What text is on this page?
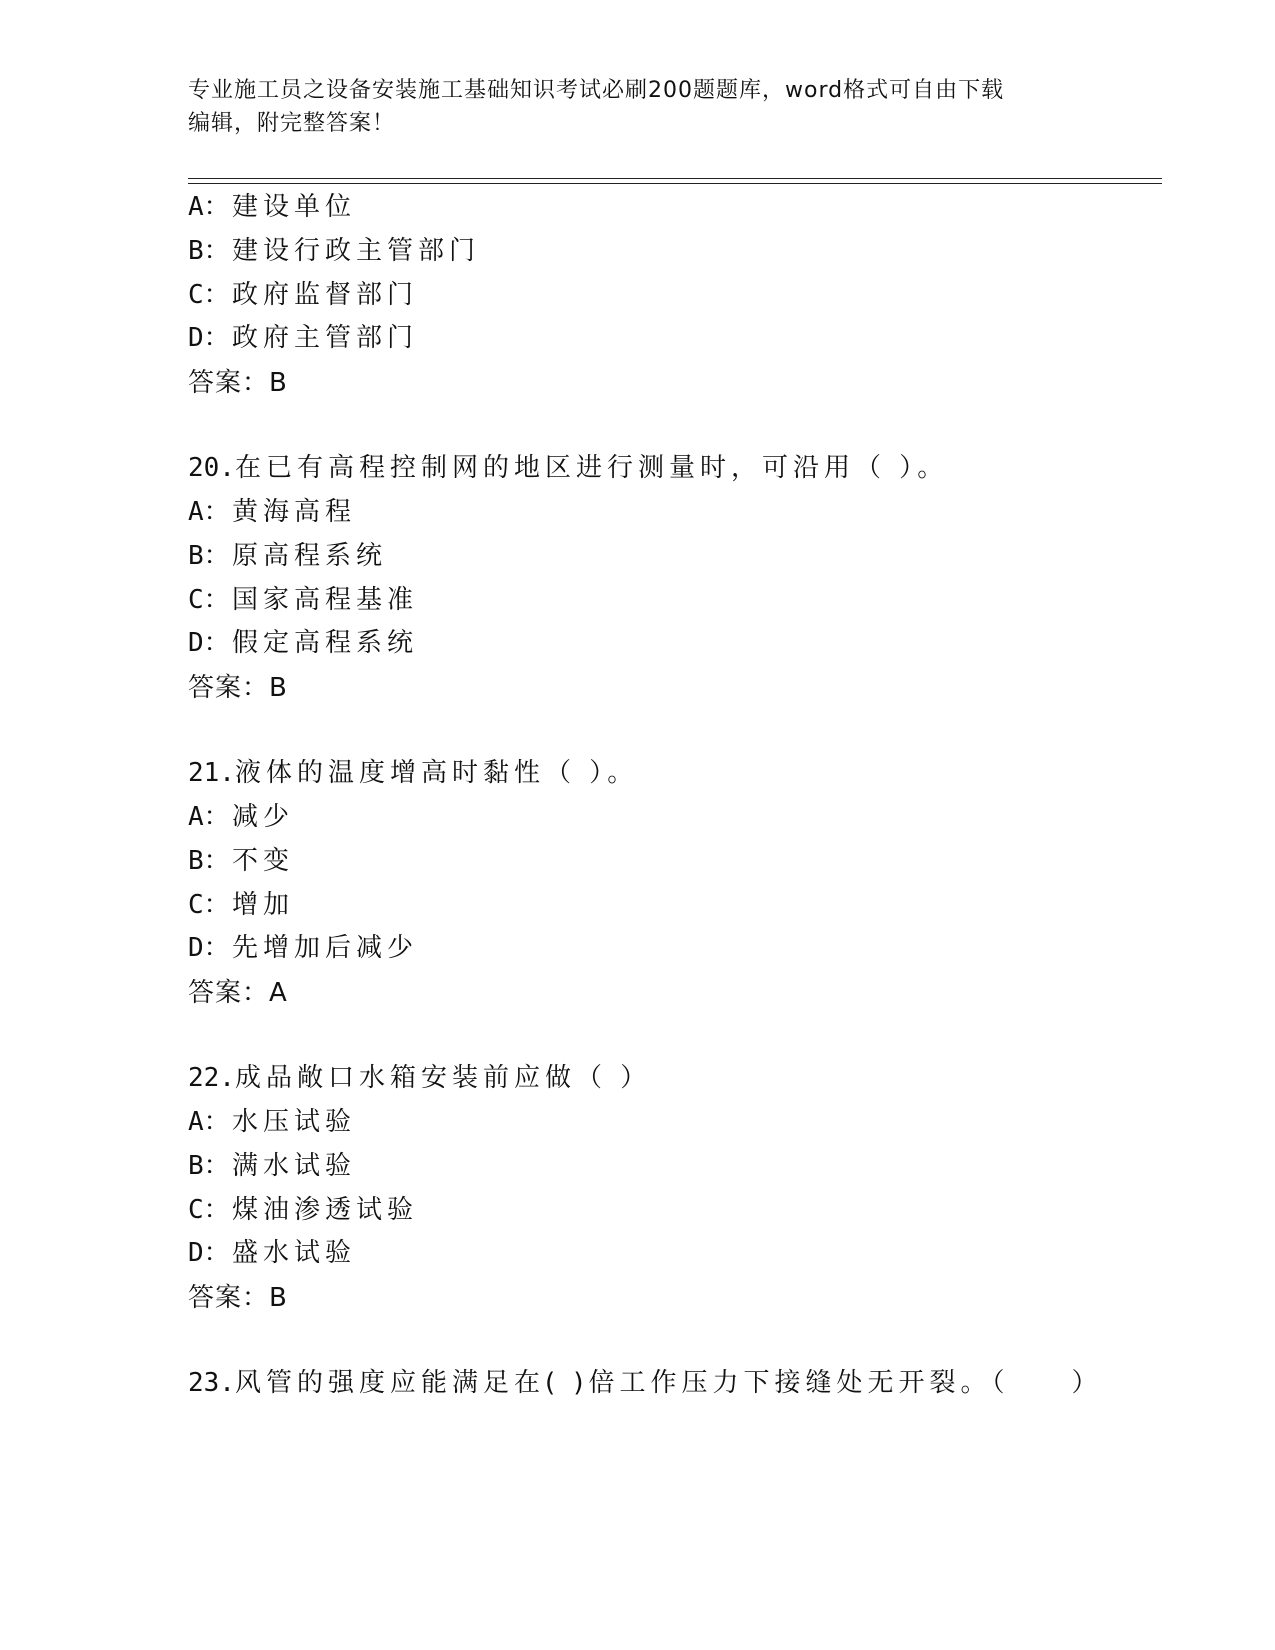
专业施工员之设备安装施工基础知识考试必刷200题题库，word格式可自由下载
编辑，附完整答案！
A：建设单位
B：建设行政主管部门
C：政府监督部门
D：政府主管部门
答案：B
20.在已有高程控制网的地区进行测量时，可沿用（ ）。
A：黄海高程
B：原高程系统
C：国家高程基准
D：假定高程系统
答案：B
21.液体的温度增高时黏性（ ）。
A：减少
B：不变
C：增加
D：先增加后减少
答案：A
22.成品敞口水箱安装前应做（ ）
A：水压试验
B：满水试验
C：煤油渗透试验
D：盛水试验
答案：B
23.风管的强度应能满足在( )倍工作压力下接缝处无开裂。（　　）
